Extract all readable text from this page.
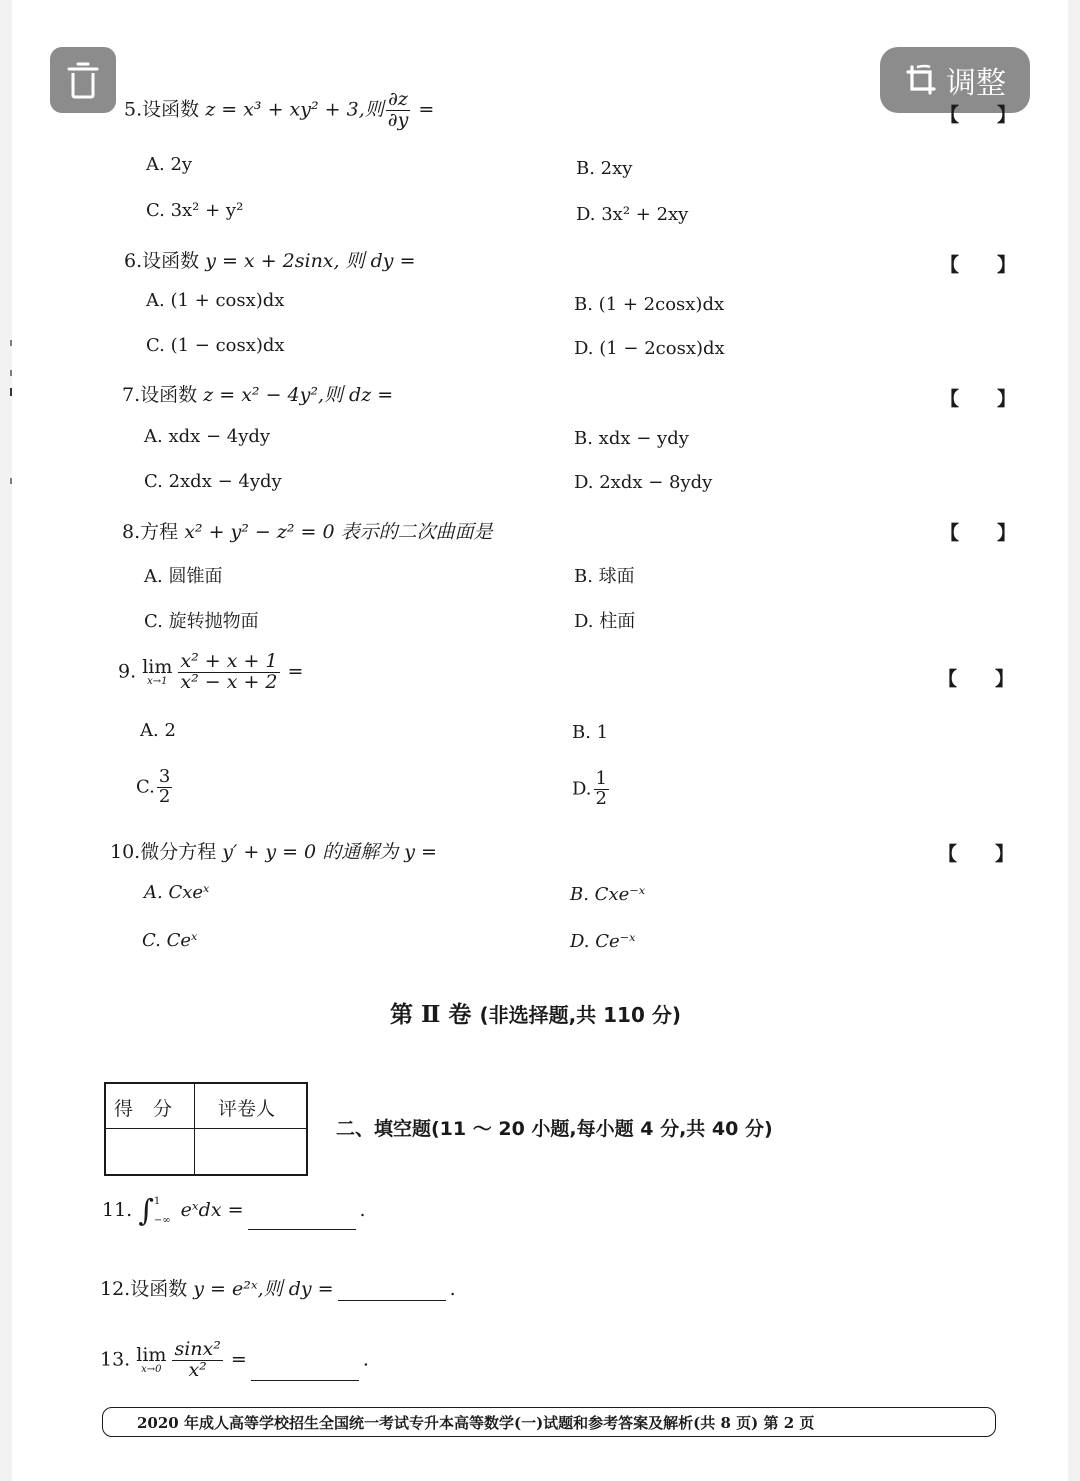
调整
5.设函数 z = x³ + xy² + 3,则 $\frac{\partial z}{\partial y}$ =	【】
A. 2y	B. 2xy
C. 3x² + y²	D. 3x² + 2xy
6.设函数 y = x + 2sinx, 则 dy =	【】
A. (1 + cosx)dx	B. (1 + 2cosx)dx
C. (1 − cosx)dx	D. (1 − 2cosx)dx
7.设函数 z = x² − 4y²,则 dz =	【】
A. xdx − 4ydy	B. xdx − ydy
C. 2xdx − 4ydy	D. 2xdx − 8ydy
8.方程 x² + y² − z² = 0 表示的二次曲面是	【】
A. 圆锥面	B. 球面
C. 旋转抛物面	D. 柱面
9. lim
$x\to 1 \frac{\text{x² + x + 1}}{\text{x² − x + 2}}$ =	【】
A. 2	B. 1
C. $\frac{3}{2}$	D. $\frac{1}{2}$
10.微分方程 y′ + y = 0 的通解为 y =	【】
A. Cxeˣ	B. Cxe⁻ˣ
C. Ceˣ	D. Ce⁻ˣ
第 Ⅱ 卷 (非选择题,共 110 分)
得分 评卷人
二、填空题(11 ～ 20 小题,每小题 4 分,共 40 分)
11. ∫ 1
−∞ eˣdx =	.
12.设函数 y = e²ˣ,则 dy =	.
13. lim
$x\to 0 \frac{\text{sinx²}}{\text{x²}}$ =	.
2020 年成人高等学校招生全国统一考试专升本高等数学(一)试题和参考答案及解析(共 8 页) 第 2 页
